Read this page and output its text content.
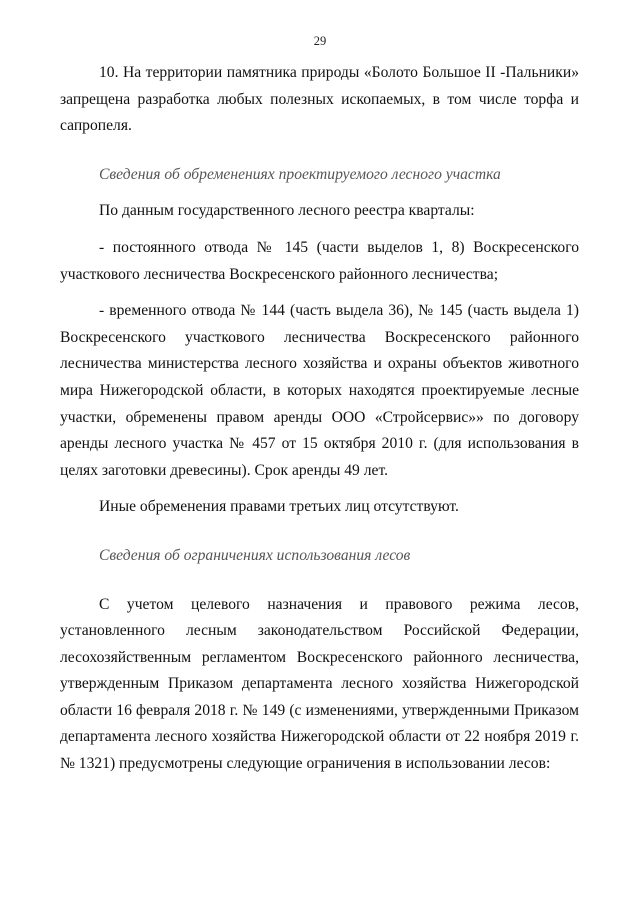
29

10. На территории памятника природы «Болото Большое II -Пальники» запрещена разработка любых полезных ископаемых, в том числе торфа и сапропеля.

Сведения об обременениях проектируемого лесного участка

По данным государственного лесного реестра кварталы:

- постоянного отвода № 145 (части выделов 1, 8) Воскресенского участкового лесничества Воскресенского районного лесничества;

- временного отвода № 144 (часть выдела 36), № 145 (часть выдела 1) Воскресенского участкового лесничества Воскресенского районного лесничества министерства лесного хозяйства и охраны объектов животного мира Нижегородской области, в которых находятся проектируемые лесные участки, обременены правом аренды ООО «Стройсервис»» по договору аренды лесного участка № 457 от 15 октября 2010 г. (для использования в целях заготовки древесины). Срок аренды 49 лет.

Иные обременения правами третьих лиц отсутствуют.

Сведения об ограничениях использования лесов

С учетом целевого назначения и правового режима лесов, установленного лесным законодательством Российской Федерации, лесохозяйственным регламентом Воскресенского районного лесничества, утвержденным Приказом департамента лесного хозяйства Нижегородской области 16 февраля 2018 г. № 149 (с изменениями, утвержденными Приказом департамента лесного хозяйства Нижегородской области от 22 ноября 2019 г. № 1321) предусмотрены следующие ограничения в использовании лесов:
